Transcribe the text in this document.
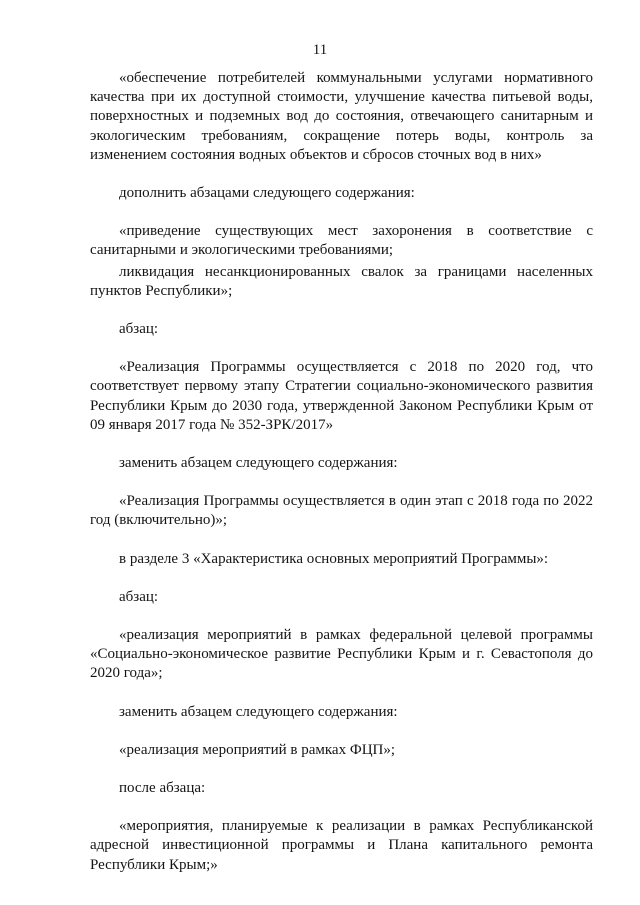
11

«обеспечение потребителей коммунальными услугами нормативного качества при их доступной стоимости, улучшение качества питьевой воды, поверхностных и подземных вод до состояния, отвечающего санитарным и экологическим требованиям, сокращение потерь воды, контроль за изменением состояния водных объектов и сбросов сточных вод в них»

дополнить абзацами следующего содержания:

«приведение существующих мест захоронения в соответствие с санитарными и экологическими требованиями;

ликвидация несанкционированных свалок за границами населенных пунктов Республики»;

абзац:

«Реализация Программы осуществляется с 2018 по 2020 год, что соответствует первому этапу Стратегии социально-экономического развития Республики Крым до 2030 года, утвержденной Законом Республики Крым от 09 января 2017 года № 352-ЗРК/2017»

заменить абзацем следующего содержания:

«Реализация Программы осуществляется в один этап с 2018 года по 2022 год (включительно)»;

в разделе 3 «Характеристика основных мероприятий Программы»:

абзац:

«реализация мероприятий в рамках федеральной целевой программы «Социально-экономическое развитие Республики Крым и г. Севастополя до 2020 года»;

заменить абзацем следующего содержания:

«реализация мероприятий в рамках ФЦП»;

после абзаца:

«мероприятия, планируемые к реализации в рамках Республиканской адресной инвестиционной программы и Плана капитального ремонта Республики Крым;»
